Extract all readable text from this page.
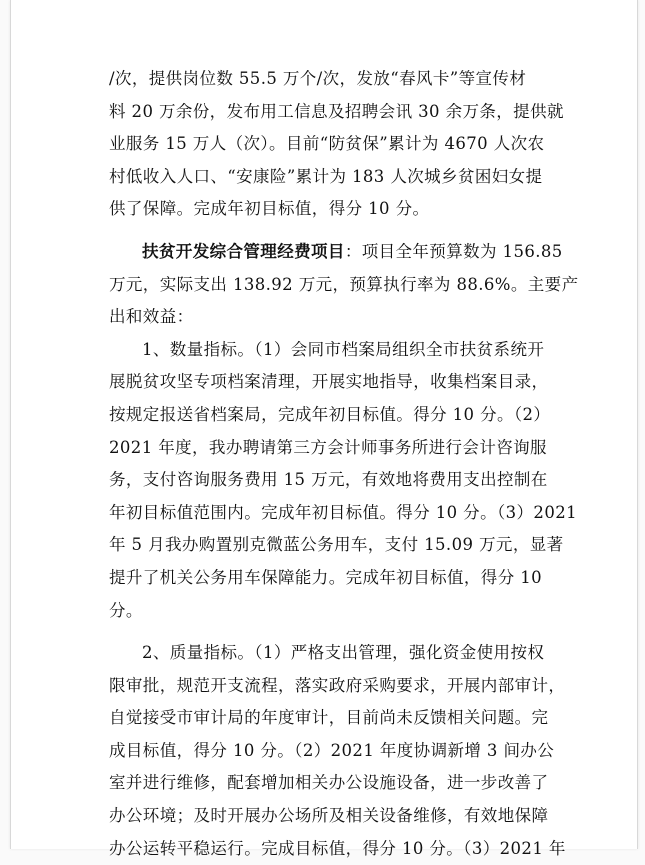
/次，提供岗位数 55.5 万个/次，发放“春风卡”等宣传材
料 20 万余份，发布用工信息及招聘会讯 30 余万条，提供就
业服务 15 万人（次）。目前“防贫保”累计为 4670 人次农
村低收入人口、“安康险”累计为 183 人次城乡贫困妇女提
供了保障。完成年初目标值，得分 10 分。
扶贫开发综合管理经费项目：项目全年预算数为 156.85
万元，实际支出 138.92 万元，预算执行率为 88.6%。主要产
出和效益：
1、数量指标。（1）会同市档案局组织全市扶贫系统开
展脱贫攻坚专项档案清理，开展实地指导，收集档案目录，
按规定报送省档案局，完成年初目标值。得分 10 分。（2）
2021 年度，我办聘请第三方会计师事务所进行会计咨询服
务，支付咨询服务费用 15 万元，有效地将费用支出控制在
年初目标值范围内。完成年初目标值。得分 10 分。（3）2021
年 5 月我办购置别克微蓝公务用车，支付 15.09 万元，显著
提升了机关公务用车保障能力。完成年初目标值，得分 10
分。
2、质量指标。（1）严格支出管理，强化资金使用按权
限审批，规范开支流程，落实政府采购要求，开展内部审计，
自觉接受市审计局的年度审计，目前尚未反馈相关问题。完
成目标值，得分 10 分。（2）2021 年度协调新增 3 间办公
室并进行维修，配套增加相关办公设施设备，进一步改善了
办公环境；及时开展办公场所及相关设备维修，有效地保障
办公运转平稳运行。完成目标值，得分 10 分。（3）2021 年
